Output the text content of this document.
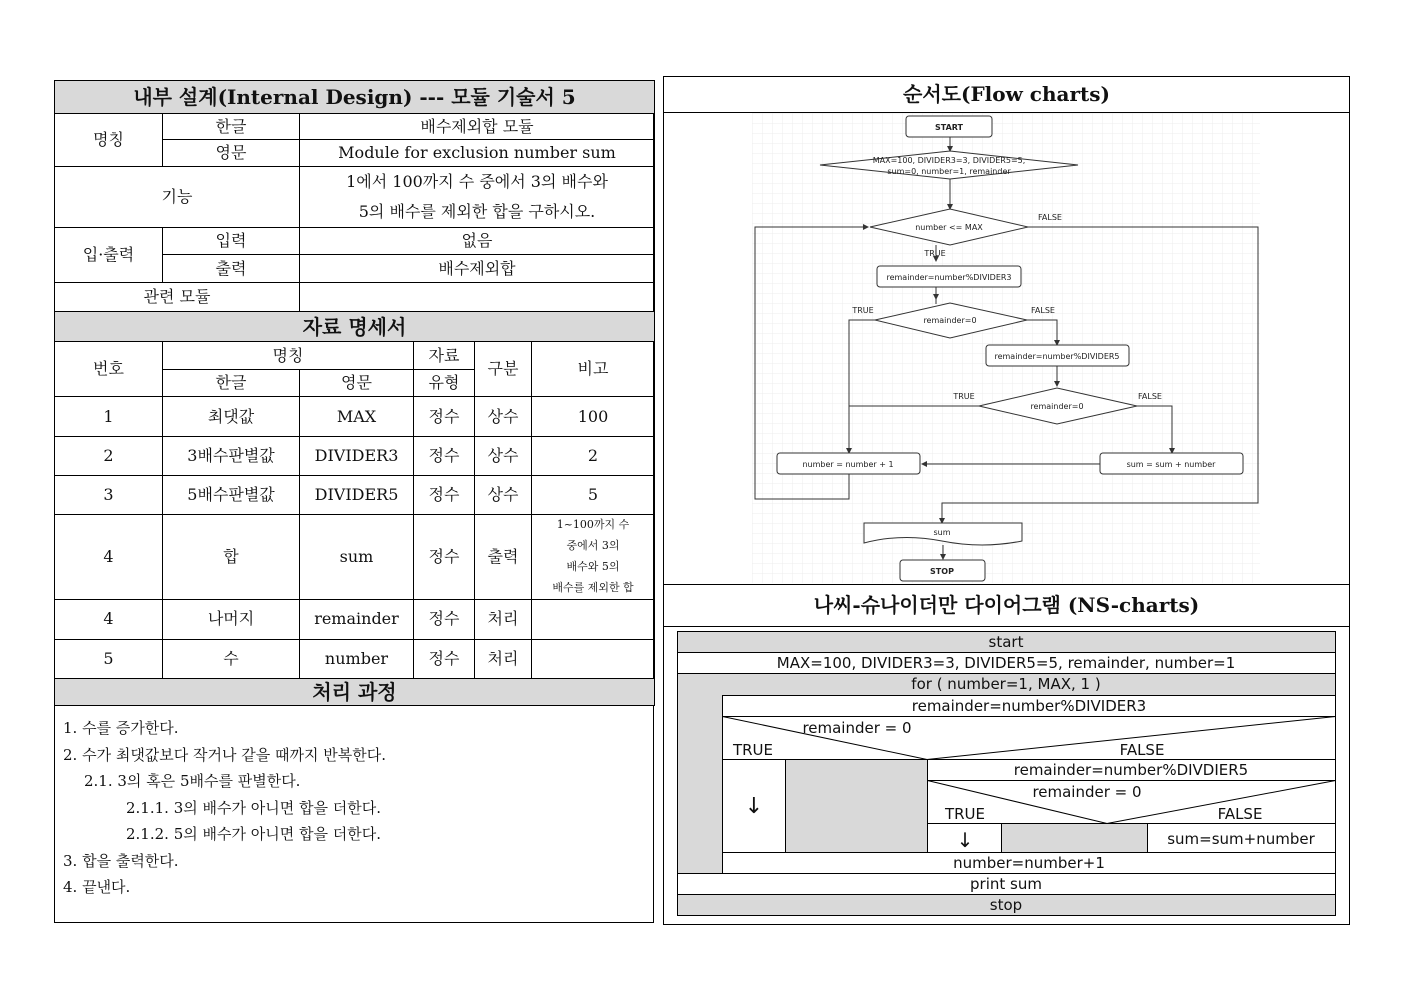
내부 설계(Internal Design) --- 모듈 기술서 5					
명칭	한글	배수제외합 모듈			
	영문	Module for exclusion number sum			
기능		1에서 100까지 수 중에서 3의 배수와
5의 배수를 제외한 합을 구하시오.			
입·출력	입력	없음			
	출력	배수제외합			
관련 모듈					
자료 명세서					
번호	명칭		자료	구분	비고
	한글	영문	유형		
1	최댓값	MAX	정수	상수	100
2	3배수판별값	DIVIDER3	정수	상수	2
3	5배수판별값	DIVIDER5	정수	상수	5
4	합	sum	정수	출력	1~100까지 수
중에서 3의
배수와 5의
배수를 제외한 합
4	나머지	remainder	정수	처리	
5	수	number	정수	처리	
처리 과정					
1. 수를 증가한다.
2. 수가 최댓값보다 작거나 같을 때까지 반복한다.
2.1. 3의 혹은 5배수를 판별한다.
2.1.1. 3의 배수가 아니면 합을 더한다.
2.1.2. 5의 배수가 아니면 합을 더한다.
3. 합을 출력한다.
4. 끝낸다.
순서도(Flow charts)
START
MAX=100, DIVIDER3=3, DIVIDER5=5,
sum=0, number=1, remainder
number <= MAX
TRUE
FALSE
remainder=number%DIVIDER3
TRUE	FALSE
remainder=0
remainder=number%DIVIDER5
TRUE	FALSE
remainder=0
number = number + 1	sum = sum + number
sum
STOP
나씨-슈나이더만 다이어그램 (NS-charts)
start
MAX=100, DIVIDER3=3, DIVIDER5=5, remainder, number=1
for ( number=1, MAX, 1 )
remainder=number%DIVIDER3
remainder = 0
TRUE	FALSE
↓
remainder=number%DIVDIER5
remainder = 0
TRUE	FALSE
↓	sum=sum+number
number=number+1
print sum
stop
